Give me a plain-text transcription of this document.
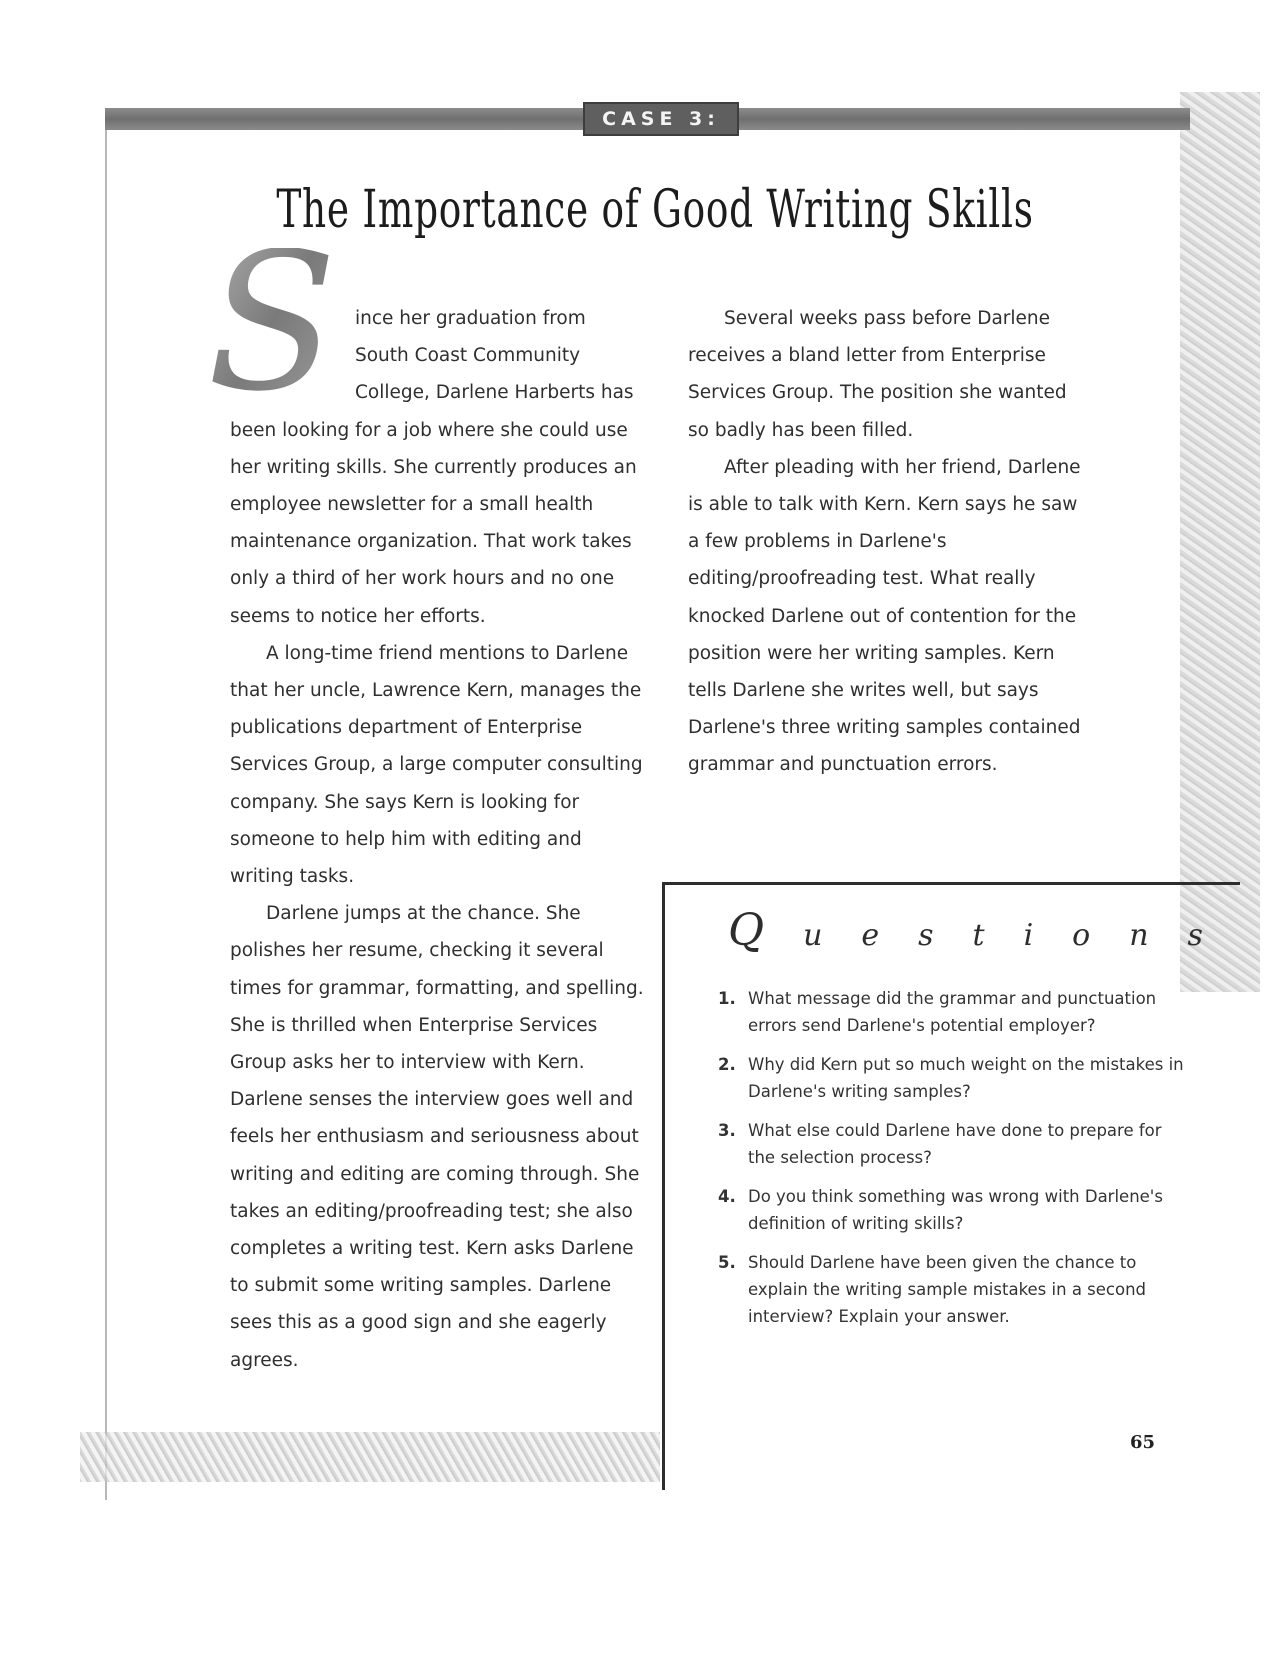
CASE 3:
The Importance of Good Writing Skills
S ince her graduation from
South Coast Community
College, Darlene Harberts has
been looking for a job where she could use her writing skills. She currently produces an employee newsletter for a small health maintenance organization. That work takes only a third of her work hours and no one seems to notice her efforts.

A long-time friend mentions to Darlene that her uncle, Lawrence Kern, manages the publications department of Enterprise Services Group, a large computer consulting company. She says Kern is looking for someone to help him with editing and writing tasks.

Darlene jumps at the chance. She polishes her resume, checking it several times for grammar, formatting, and spelling. She is thrilled when Enterprise Services Group asks her to interview with Kern. Darlene senses the interview goes well and feels her enthusiasm and seriousness about writing and editing are coming through. She takes an editing/proofreading test; she also completes a writing test. Kern asks Darlene to submit some writing samples. Darlene sees this as a good sign and she eagerly agrees.

Several weeks pass before Darlene receives a bland letter from Enterprise Services Group. The position she wanted so badly has been filled.

After pleading with her friend, Darlene is able to talk with Kern. Kern says he saw a few problems in Darlene's editing/proofreading test. What really knocked Darlene out of contention for the position were her writing samples. Kern tells Darlene she writes well, but says Darlene's three writing samples contained grammar and punctuation errors.

Q u e s t i o n s
1. What message did the grammar and punctuation errors send Darlene's potential employer?
2. Why did Kern put so much weight on the mistakes in Darlene's writing samples?
3. What else could Darlene have done to prepare for the selection process?
4. Do you think something was wrong with Darlene's definition of writing skills?
5. Should Darlene have been given the chance to explain the writing sample mistakes in a second interview? Explain your answer.
65
